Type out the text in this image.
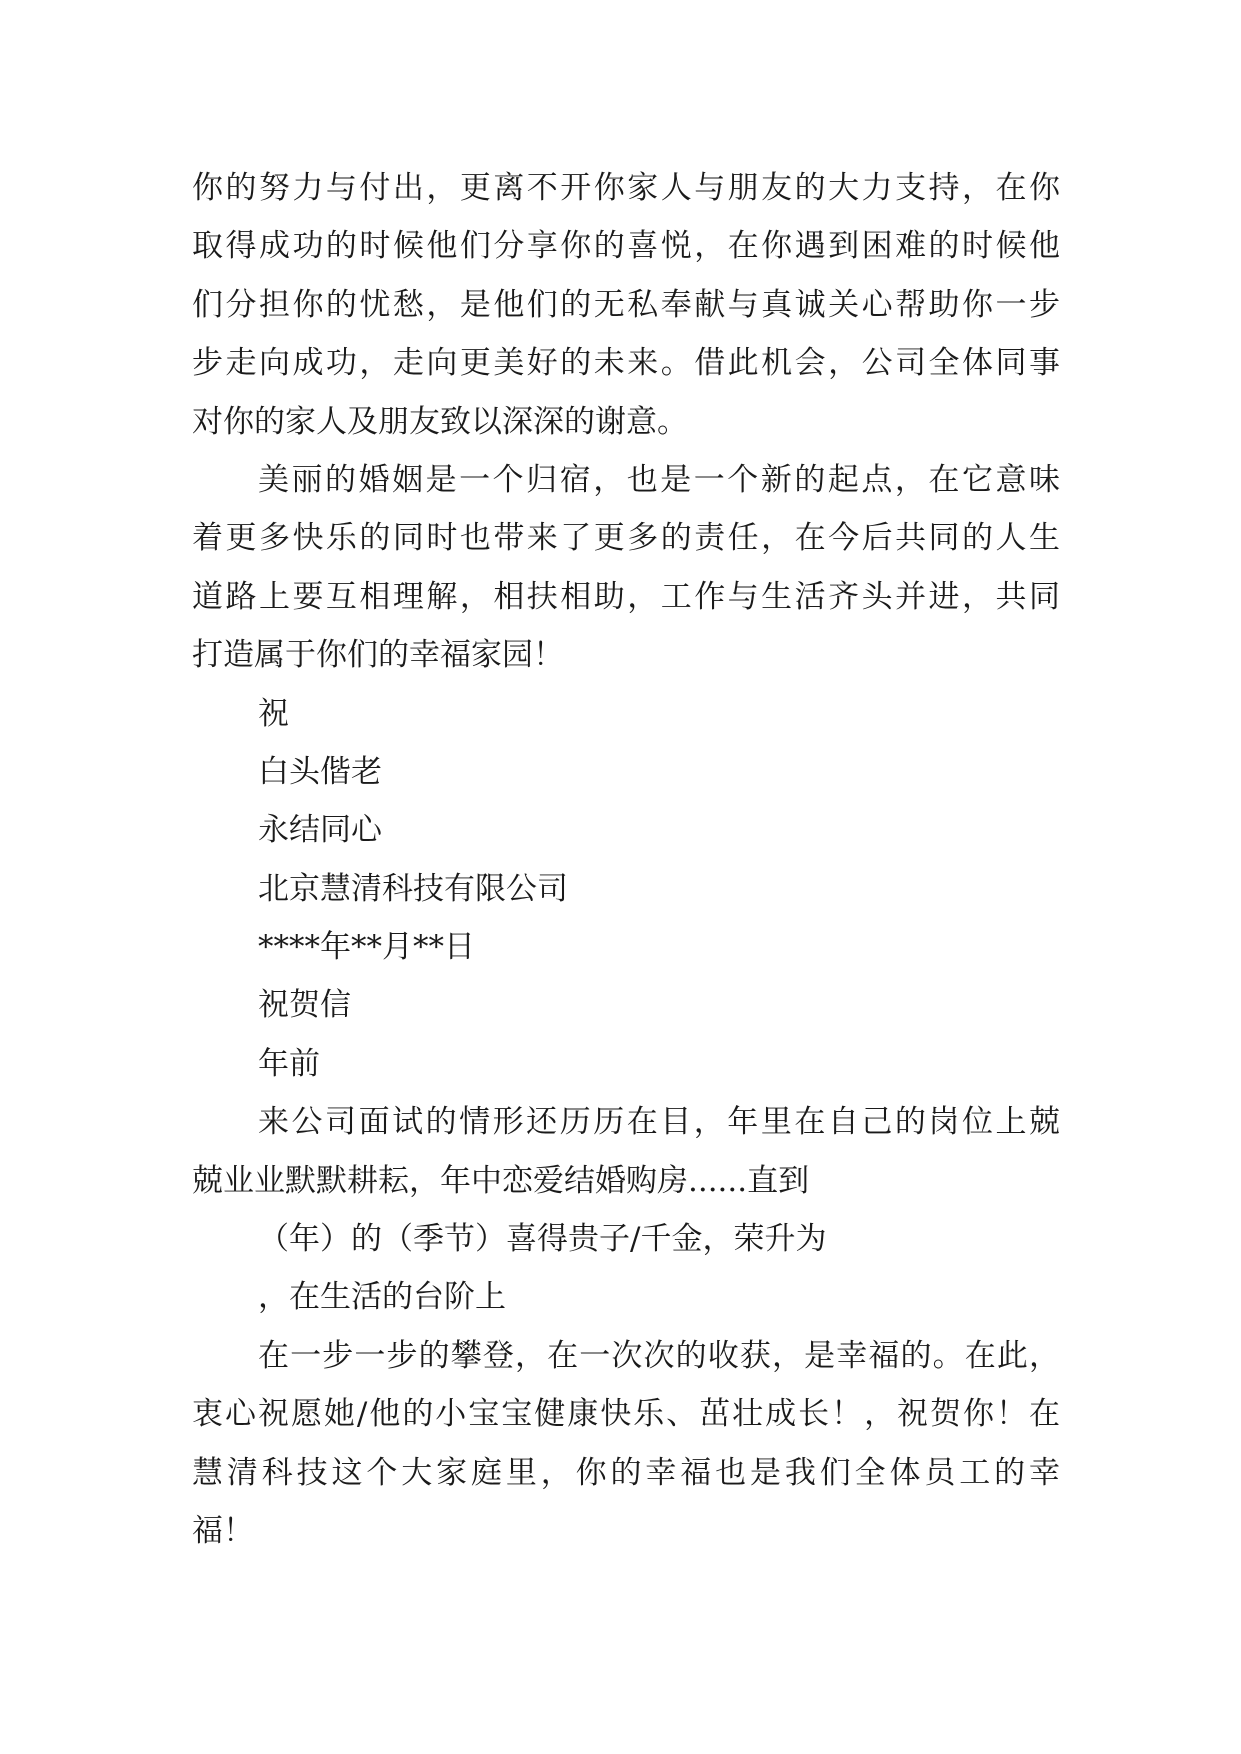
你的努力与付出，更离不开你家人与朋友的大力支持，在你
取得成功的时候他们分享你的喜悦，在你遇到困难的时候他
们分担你的忧愁，是他们的无私奉献与真诚关心帮助你一步
步走向成功，走向更美好的未来。借此机会，公司全体同事
对你的家人及朋友致以深深的谢意。
美丽的婚姻是一个归宿，也是一个新的起点，在它意味
着更多快乐的同时也带来了更多的责任，在今后共同的人生
道路上要互相理解，相扶相助，工作与生活齐头并进，共同
打造属于你们的幸福家园！
祝
白头偕老
永结同心
北京慧清科技有限公司
****年**月**日
祝贺信
年前
来公司面试的情形还历历在目，年里在自己的岗位上兢
兢业业默默耕耘，年中恋爱结婚购房......直到
（年）的（季节）喜得贵子/千金，荣升为
，在生活的台阶上
在一步一步的攀登，在一次次的收获，是幸福的。在此，
衷心祝愿她/他的小宝宝健康快乐、茁壮成长！，祝贺你！在
慧清科技这个大家庭里，你的幸福也是我们全体员工的幸
福！
